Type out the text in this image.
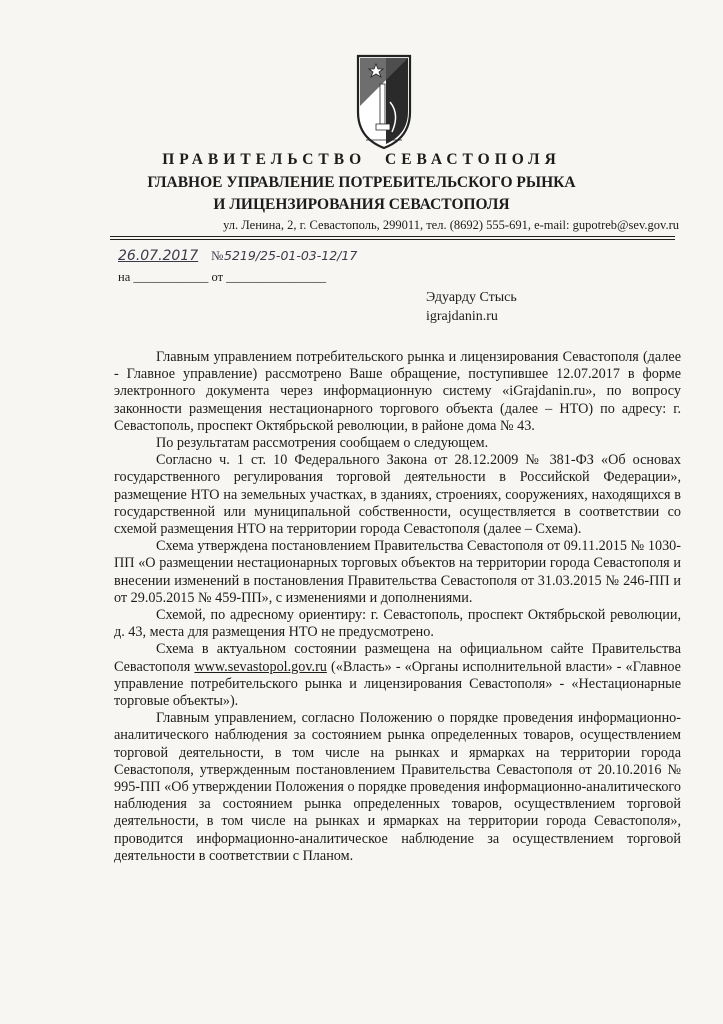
ПРАВИТЕЛЬСТВО СЕВАСТОПОЛЯ
ГЛАВНОЕ УПРАВЛЕНИЕ ПОТРЕБИТЕЛЬСКОГО РЫНКА
И ЛИЦЕНЗИРОВАНИЯ СЕВАСТОПОЛЯ
ул. Ленина, 2, г. Севастополь, 299011, тел. (8692) 555-691, e-mail: gupotreb@sev.gov.ru
26.07.2017 № 5219/25-01-03-12/17
на ____________ от ________________
Эдуарду Стысь
igrajdanin.ru

Главным управлением потребительского рынка и лицензирования Севастополя (далее - Главное управление) рассмотрено Ваше обращение, поступившее 12.07.2017 в форме электронного документа через информационную систему «iGrajdanin.ru», по вопросу законности размещения нестационарного торгового объекта (далее – НТО) по адресу: г. Севастополь, проспект Октябрьской революции, в районе дома № 43.

По результатам рассмотрения сообщаем о следующем.

Согласно ч. 1 ст. 10 Федерального Закона от 28.12.2009 № 381-ФЗ «Об основах государственного регулирования торговой деятельности в Российской Федерации», размещение НТО на земельных участках, в зданиях, строениях, сооружениях, находящихся в государственной или муниципальной собственности, осуществляется в соответствии со схемой размещения НТО на территории города Севастополя (далее – Схема).

Схема утверждена постановлением Правительства Севастополя от 09.11.2015 № 1030-ПП «О размещении нестационарных торговых объектов на территории города Севастополя и внесении изменений в постановления Правительства Севастополя от 31.03.2015 № 246-ПП и от 29.05.2015 № 459-ПП», с изменениями и дополнениями.

Схемой, по адресному ориентиру: г. Севастополь, проспект Октябрьской революции, д. 43, места для размещения НТО не предусмотрено.

Схема в актуальном состоянии размещена на официальном сайте Правительства Севастополя www.sevastopol.gov.ru («Власть» - «Органы исполнительной власти» - «Главное управление потребительского рынка и лицензирования Севастополя» - «Нестационарные торговые объекты»).

Главным управлением, согласно Положению о порядке проведения информационно-аналитического наблюдения за состоянием рынка определенных товаров, осуществлением торговой деятельности, в том числе на рынках и ярмарках на территории города Севастополя, утвержденным постановлением Правительства Севастополя от 20.10.2016 № 995-ПП «Об утверждении Положения о порядке проведения информационно-аналитического наблюдения за состоянием рынка определенных товаров, осуществлением торговой деятельности, в том числе на рынках и ярмарках на территории города Севастополя», проводится информационно-аналитическое наблюдение за осуществлением торговой деятельности в соответствии с Планом.
